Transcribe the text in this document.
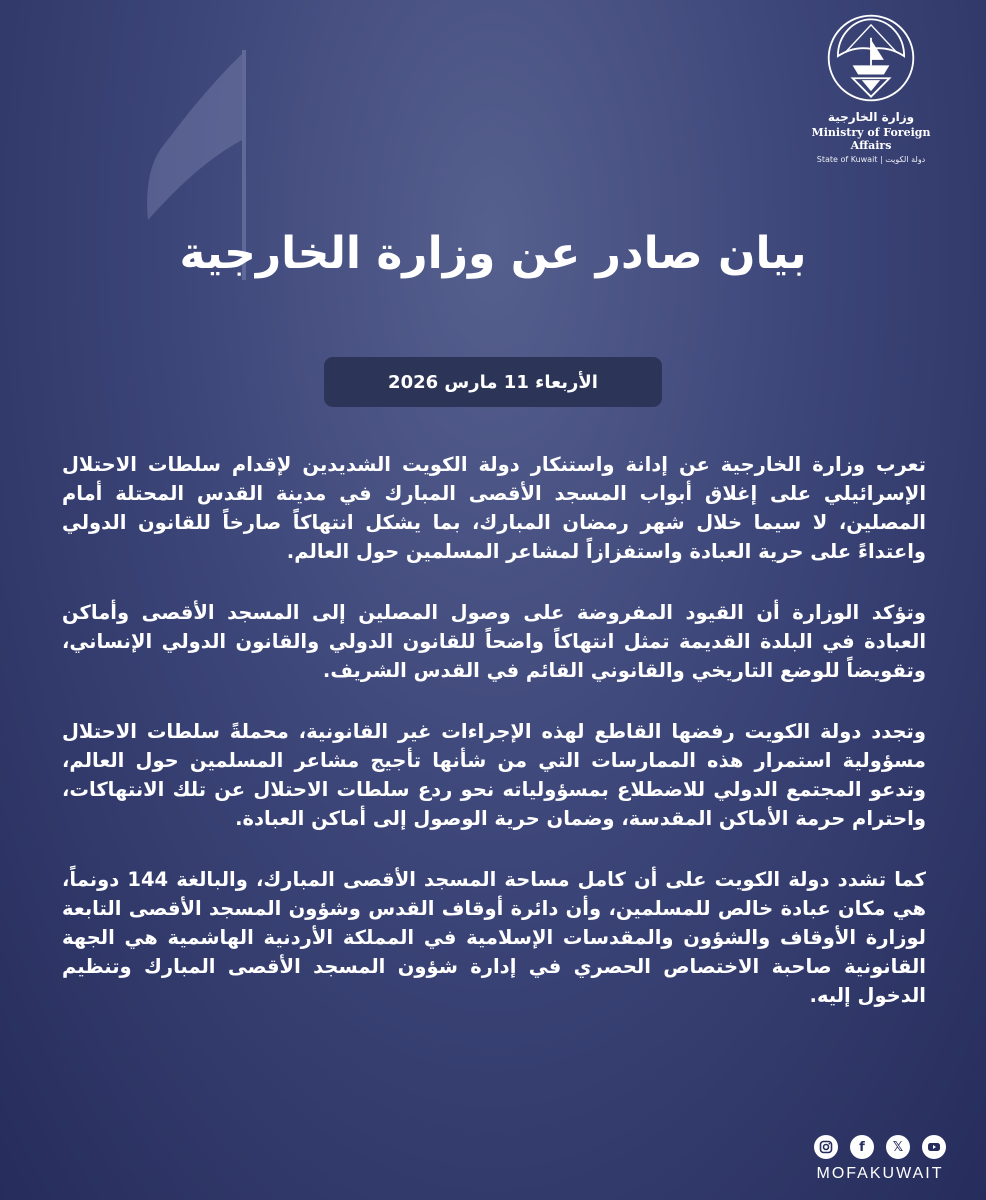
وزارة الخارجية
Ministry of Foreign Affairs
State of Kuwait | دولة الكويت
بيان صادر عن وزارة الخارجية
الأربعاء 11 مارس 2026

تعرب وزارة الخارجية عن إدانة واستنكار دولة الكويت الشديدين لإقدام سلطات الاحتلال الإسرائيلي على إغلاق أبواب المسجد الأقصى المبارك في مدينة القدس المحتلة أمام المصلين، لا سيما خلال شهر رمضان المبارك، بما يشكل انتهاكاً صارخاً للقانون الدولي واعتداءً على حرية العبادة واستفزازاً لمشاعر المسلمين حول العالم.

وتؤكد الوزارة أن القيود المفروضة على وصول المصلين إلى المسجد الأقصى وأماكن العبادة في البلدة القديمة تمثل انتهاكاً واضحاً للقانون الدولي والقانون الدولي الإنساني، وتقويضاً للوضع التاريخي والقانوني القائم في القدس الشريف.

وتجدد دولة الكويت رفضها القاطع لهذه الإجراءات غير القانونية، محملةً سلطات الاحتلال مسؤولية استمرار هذه الممارسات التي من شأنها تأجيج مشاعر المسلمين حول العالم، وتدعو المجتمع الدولي للاضطلاع بمسؤولياته نحو ردع سلطات الاحتلال عن تلك الانتهاكات، واحترام حرمة الأماكن المقدسة، وضمان حرية الوصول إلى أماكن العبادة.

كما تشدد دولة الكويت على أن كامل مساحة المسجد الأقصى المبارك، والبالغة 144 دونماً، هي مكان عبادة خالص للمسلمين، وأن دائرة أوقاف القدس وشؤون المسجد الأقصى التابعة لوزارة الأوقاف والشؤون والمقدسات الإسلامية في المملكة الأردنية الهاشمية هي الجهة القانونية صاحبة الاختصاص الحصري في إدارة شؤون المسجد الأقصى المبارك وتنظيم الدخول إليه.

f	𝕏
MOFAKUWAIT
